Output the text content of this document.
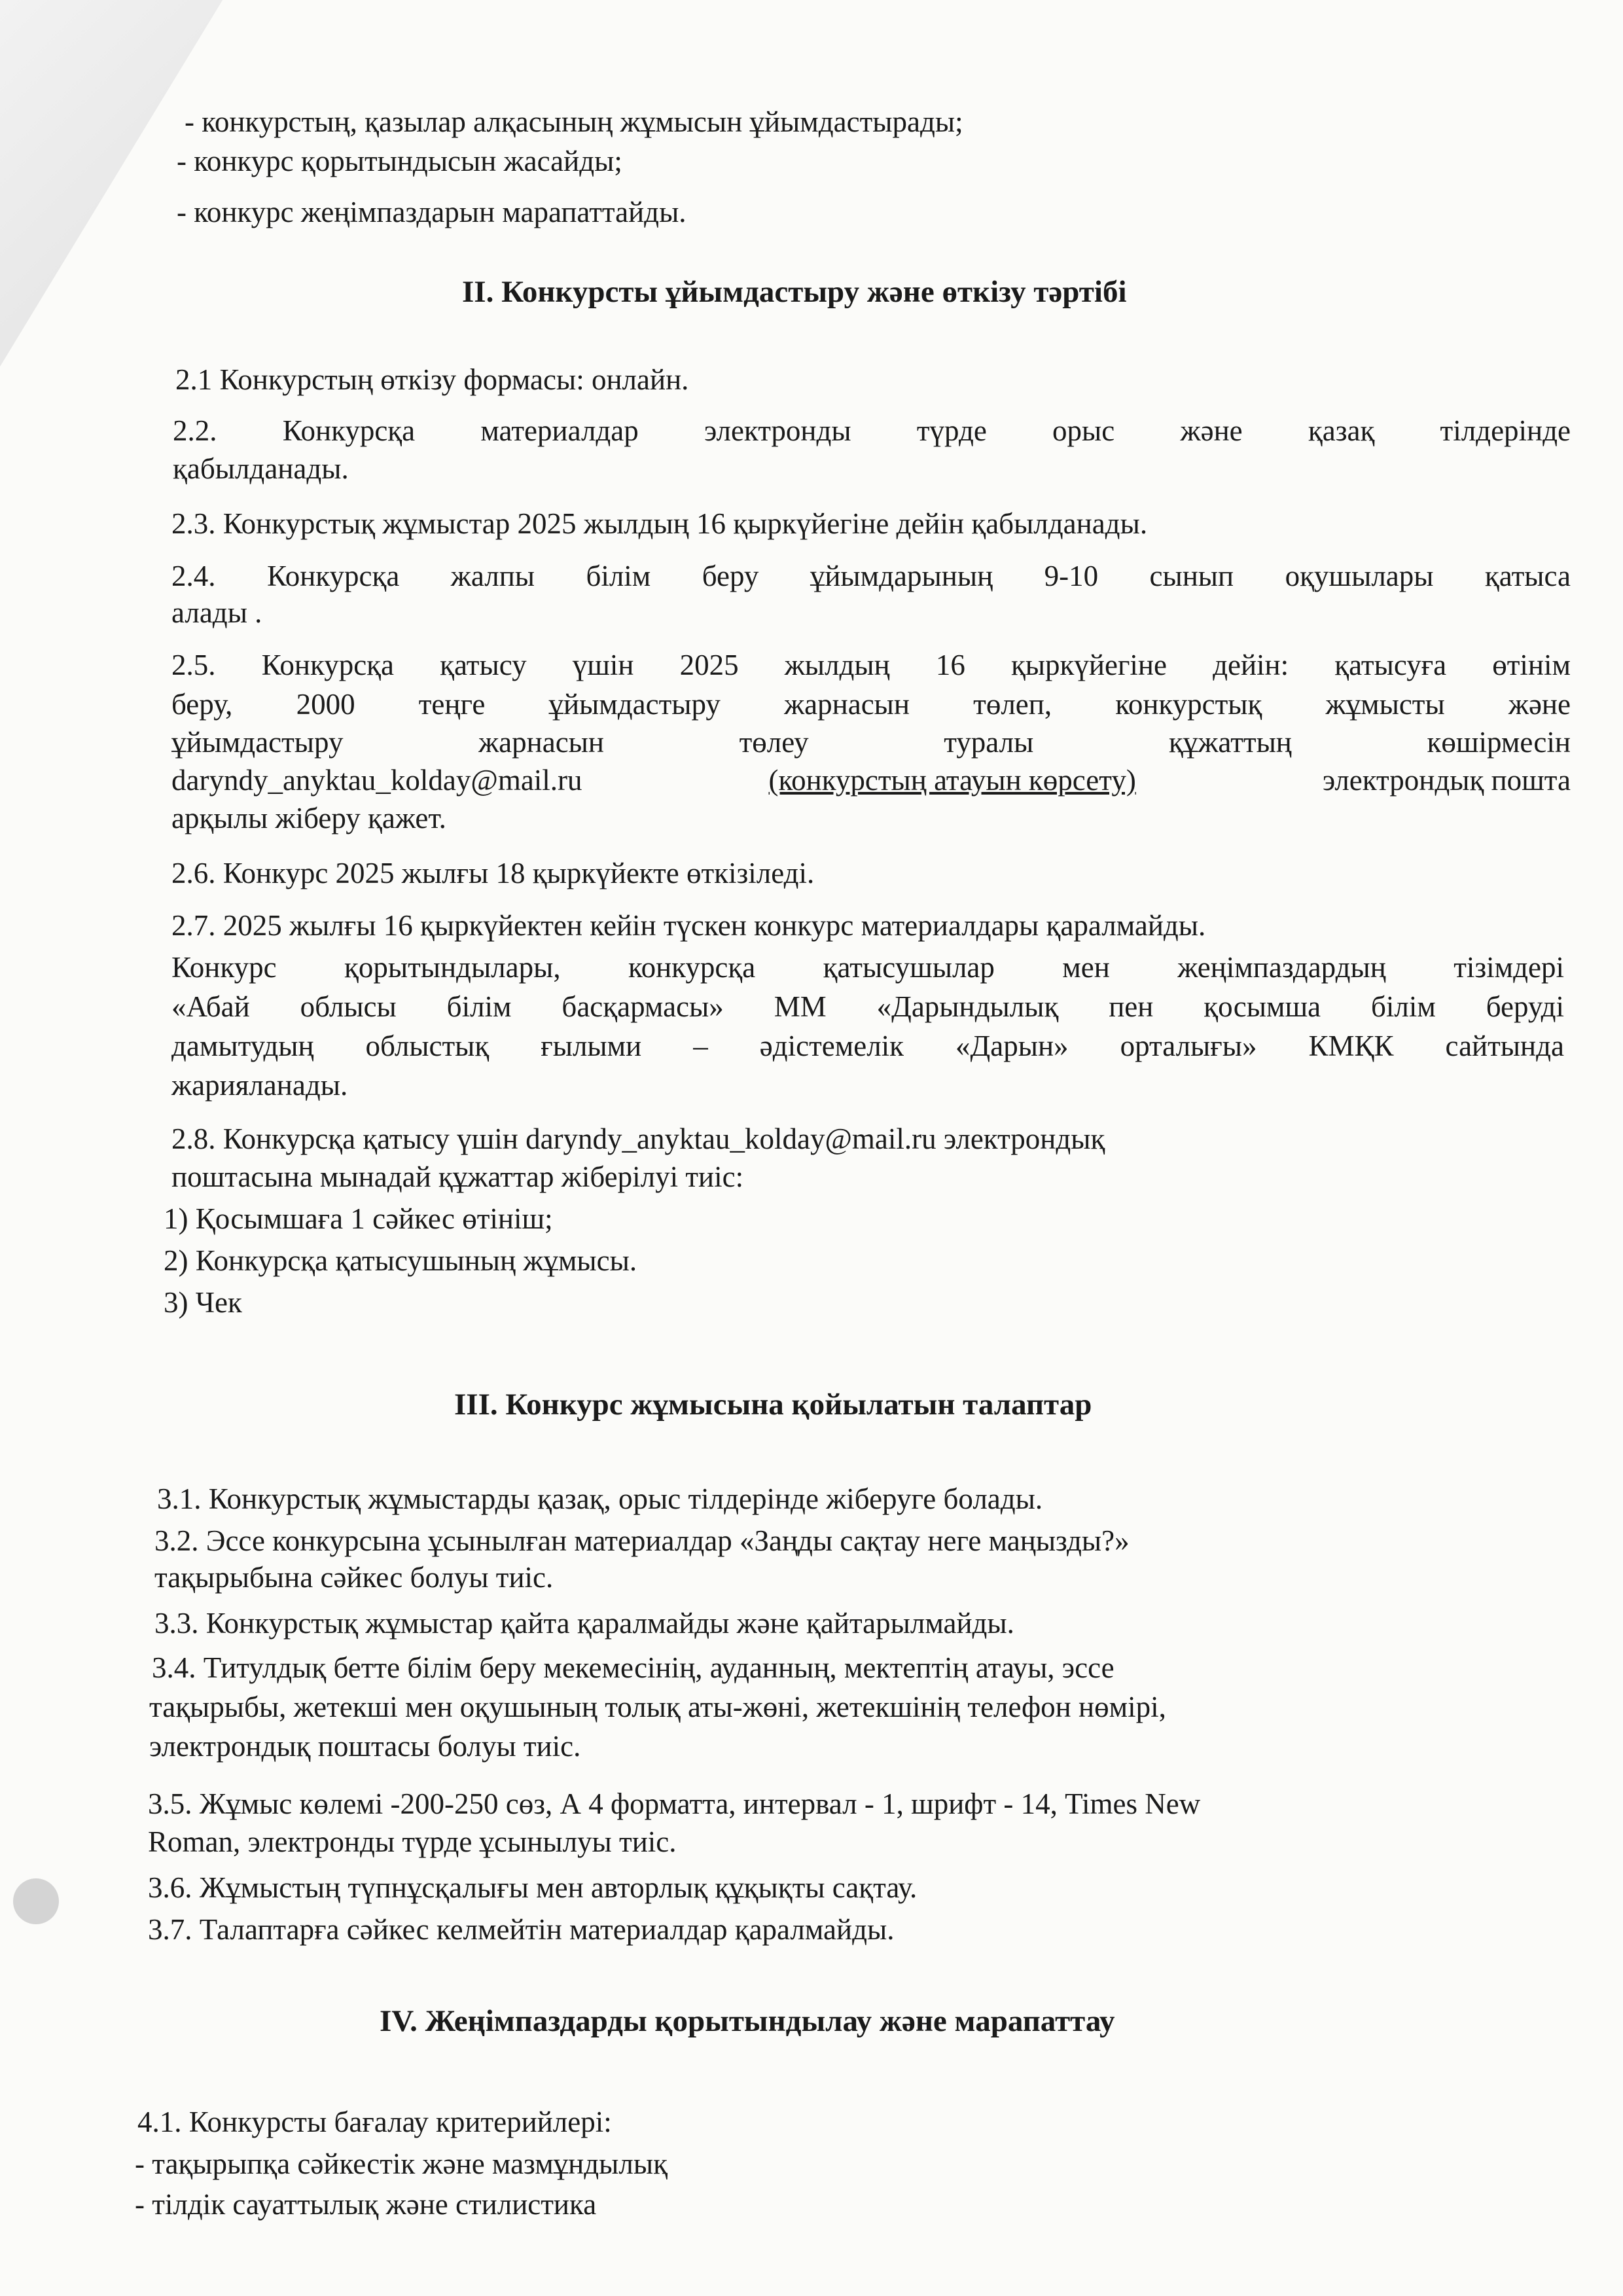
- конкурстың, қазылар алқасының жұмысын ұйымдастырады;
- конкурс қорытындысын жасайды;
- конкурс жеңімпаздарын марапаттайды.
II. Конкурсты ұйымдастыру және өткізу тәртібі
2.1 Конкурстың өткізу формасы: онлайн.
2.2. Конкурсқа материалдар электронды түрде орыс және қазақ тілдерінде
қабылданады.
2.3. Конкурстық жұмыстар 2025 жылдың 16 қыркүйегіне дейін қабылданады.
2.4. Конкурсқа жалпы білім беру ұйымдарының 9-10 сынып оқушылары қатыса
алады .
2.5. Конкурсқа қатысу үшін 2025 жылдың 16 қыркүйегіне дейін: қатысуға өтінім
беру, 2000 теңге ұйымдастыру жарнасын төлеп, конкурстық жұмысты және
ұйымдастыру жарнасын төлеу туралы құжаттың көшірмесін
daryndy_anyktau_kolday@mail.ru	(конкурстың атауын көрсету)	электрондық пошта
арқылы жіберу қажет.
2.6. Конкурс 2025 жылғы 18 қыркүйекте өткізіледі.
2.7. 2025 жылғы 16 қыркүйектен кейін түскен конкурс материалдары қаралмайды.
Конкурс қорытындылары, конкурсқа қатысушылар мен жеңімпаздардың тізімдері
«Абай облысы білім басқармасы» ММ «Дарындылық пен қосымша білім беруді
дамытудың облыстық ғылыми – әдістемелік «Дарын» орталығы» КМҚК сайтында
жарияланады.
2.8. Конкурсқа қатысу үшін daryndy_anyktau_kolday@mail.ru электрондық
поштасына мынадай құжаттар жіберілуі тиіс:
1) Қосымшаға 1 сәйкес өтініш;
2) Конкурсқа қатысушының жұмысы.
3) Чек
III. Конкурс жұмысына қойылатын талаптар
3.1. Конкурстық жұмыстарды қазақ, орыс тілдерінде жіберуге болады.
3.2. Эссе конкурсына ұсынылған материалдар «Заңды сақтау неге маңызды?»
тақырыбына сәйкес болуы тиіс.
3.3. Конкурстық жұмыстар қайта қаралмайды және қайтарылмайды.
3.4. Титулдық бетте білім беру мекемесінің, ауданның, мектептің атауы, эссе
тақырыбы, жетекші мен оқушының толық аты-жөні, жетекшінің телефон нөмірі,
электрондық поштасы болуы тиіс.
3.5. Жұмыс көлемі -200-250 сөз, А 4 форматта, интервал - 1, шрифт - 14, Times New
Roman, электронды түрде ұсынылуы тиіс.
3.6. Жұмыстың түпнұсқалығы мен авторлық құқықты сақтау.
3.7. Талаптарға сәйкес келмейтін материалдар қаралмайды.
IV. Жеңімпаздарды қорытындылау және марапаттау
4.1. Конкурсты бағалау критерийлері:
- тақырыпқа сәйкестік және мазмұндылық
- тілдік сауаттылық және стилистика
